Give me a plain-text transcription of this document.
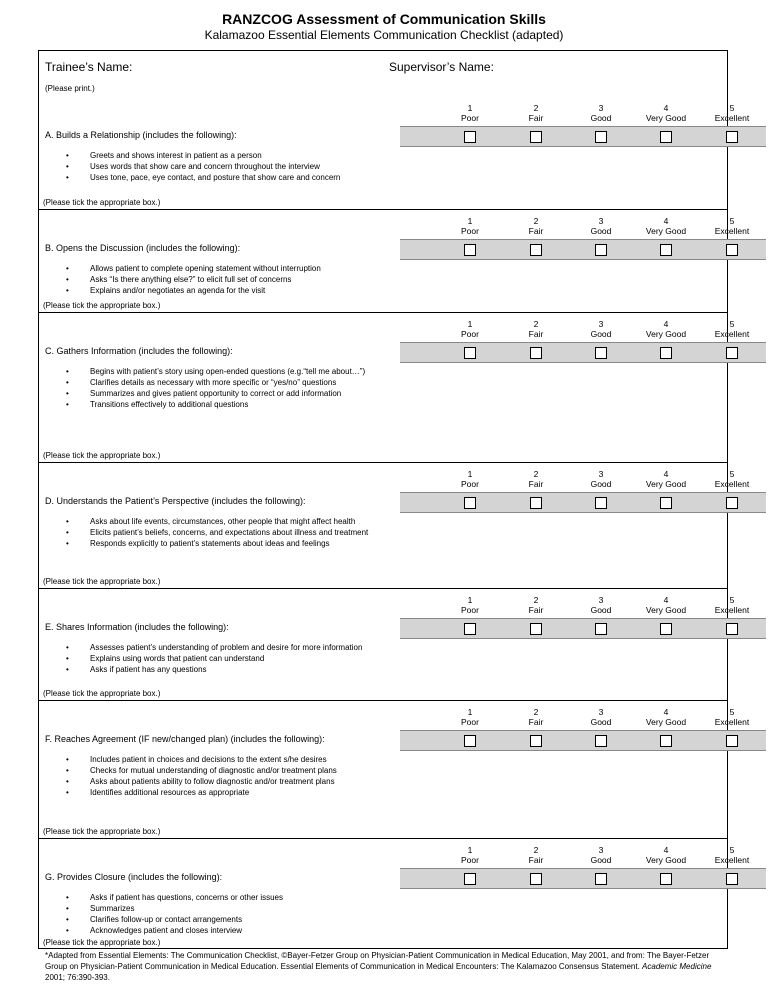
RANZCOG Assessment of Communication Skills
Kalamazoo Essential Elements Communication Checklist (adapted)
Trainee’s Name:	Supervisor’s Name:
(Please print.)
1
Poor
2
Fair
3
Good
4
Very Good
5
Excellent
A. Builds a Relationship (includes the following):
• Greets and shows interest in patient as a person
• Uses words that show care and concern throughout the interview
• Uses tone, pace, eye contact, and posture that show care and concern
(Please tick the appropriate box.)
1
Poor
2
Fair
3
Good
4
Very Good
5
Excellent
B. Opens the Discussion (includes the following):
• Allows patient to complete opening statement without interruption
• Asks “Is there anything else?” to elicit full set of concerns
• Explains and/or negotiates an agenda for the visit
(Please tick the appropriate box.)
1
Poor
2
Fair
3
Good
4
Very Good
5
Excellent
C. Gathers Information (includes the following):
• Begins with patient’s story using open-ended questions (e.g.“tell me about…”)
• Clarifies details as necessary with more specific or “yes/no” questions
• Summarizes and gives patient opportunity to correct or add information
• Transitions effectively to additional questions
(Please tick the appropriate box.)
1
Poor
2
Fair
3
Good
4
Very Good
5
Excellent
D. Understands the Patient’s Perspective (includes the following):
• Asks about life events, circumstances, other people that might affect health
• Elicits patient’s beliefs, concerns, and expectations about illness and treatment
• Responds explicitly to patient’s statements about ideas and feelings
(Please tick the appropriate box.)
1
Poor
2
Fair
3
Good
4
Very Good
5
Excellent
E. Shares Information (includes the following):
• Assesses patient’s understanding of problem and desire for more information
• Explains using words that patient can understand
• Asks if patient has any questions
(Please tick the appropriate box.)
1
Poor
2
Fair
3
Good
4
Very Good
5
Excellent
F. Reaches Agreement (IF new/changed plan) (includes the following):
• Includes patient in choices and decisions to the extent s/he desires
• Checks for mutual understanding of diagnostic and/or treatment plans
• Asks about patients ability to follow diagnostic and/or treatment plans
• Identifies additional resources as appropriate
(Please tick the appropriate box.)
1
Poor
2
Fair
3
Good
4
Very Good
5
Excellent
G. Provides Closure (includes the following):
• Asks if patient has questions, concerns or other issues
• Summarizes
• Clarifies follow-up or contact arrangements
• Acknowledges patient and closes interview
(Please tick the appropriate box.)
*Adapted from Essential Elements: The Communication Checklist, ©Bayer-Fetzer Group on Physician-Patient Communication in Medical Education, May 2001, and from: The Bayer-Fetzer Group on Physician-Patient Communication in Medical Education. Essential Elements of Communication in Medical Encounters: The Kalamazoo Consensus Statement. Academic Medicine 2001; 76:390-393.
